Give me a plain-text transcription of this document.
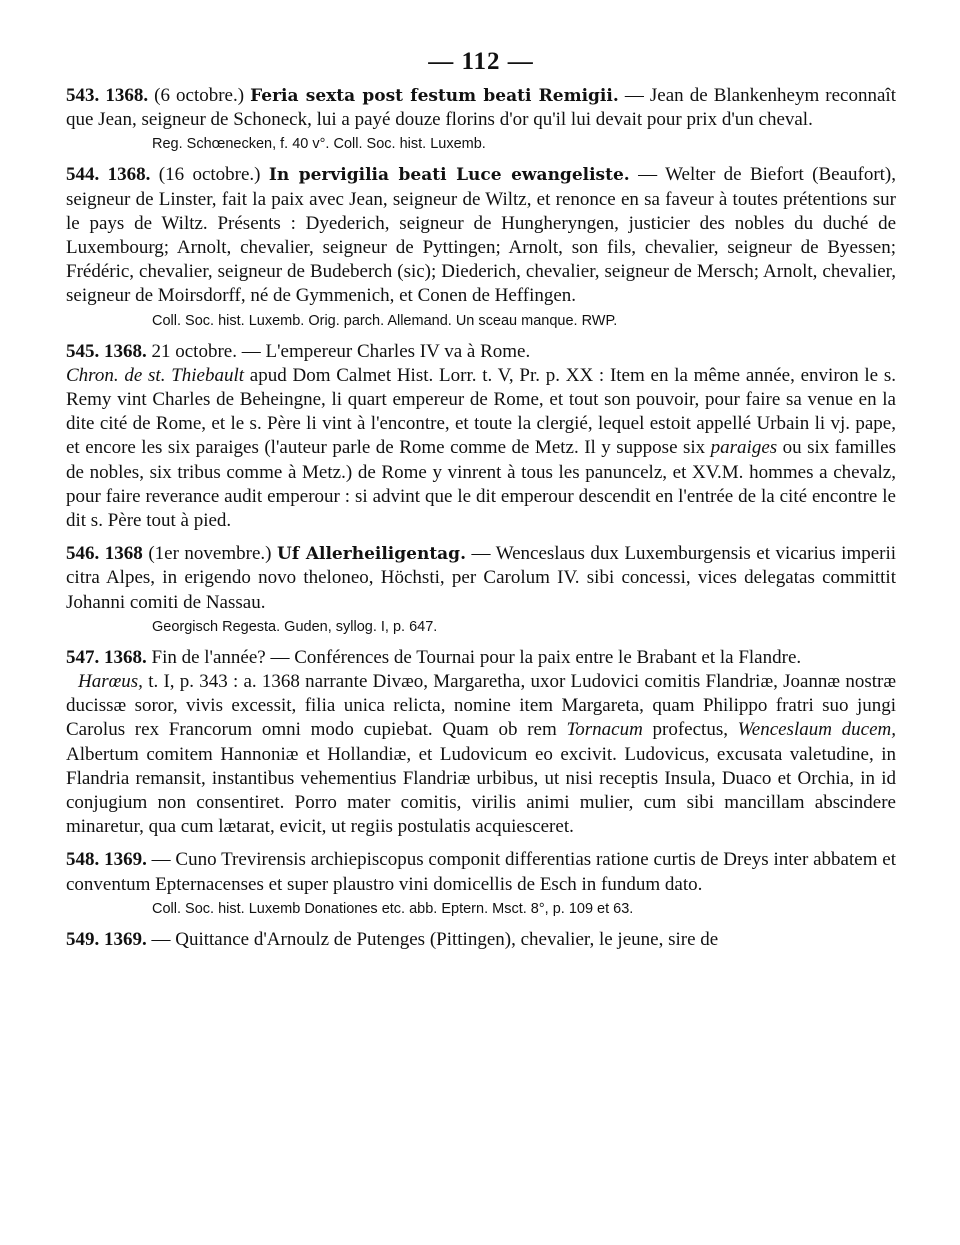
— 112 —

543. 1368. (6 octobre.) Feria sexta post festum beati Remigii. — Jean de Blankenheym reconnaît que Jean, seigneur de Schoneck, lui a payé douze florins d'or qu'il lui devait pour prix d'un cheval.

Reg. Schœnecken, f. 40 v°. Coll. Soc. hist. Luxemb.

544. 1368. (16 octobre.) In pervigilia beati Luce ewangeliste. — Welter de Biefort (Beaufort), seigneur de Linster, fait la paix avec Jean, seigneur de Wiltz, et renonce en sa faveur à toutes prétentions sur le pays de Wiltz. Présents : Dyederich, seigneur de Hungheryngen, justicier des nobles du duché de Luxembourg; Arnolt, chevalier, seigneur de Pyttingen; Arnolt, son fils, chevalier, seigneur de Byessen; Frédéric, chevalier, seigneur de Budeberch (sic); Diederich, chevalier, seigneur de Mersch; Arnolt, chevalier, seigneur de Moirsdorff, né de Gymmenich, et Conen de Heffingen.

Coll. Soc. hist. Luxemb. Orig. parch. Allemand. Un sceau manque. RWP.

545. 1368. 21 octobre. — L'empereur Charles IV va à Rome.

Chron. de st. Thiebault apud Dom Calmet Hist. Lorr. t. V, Pr. p. XX : Item en la même année, environ le s. Remy vint Charles de Beheingne, li quart empereur de Rome, et tout son pouvoir, pour faire sa venue en la dite cité de Rome, et le s. Père li vint à l'encontre, et toute la clergié, lequel estoit appellé Urbain li vj. pape, et encore les six paraiges (l'auteur parle de Rome comme de Metz. Il y suppose six paraiges ou six familles de nobles, six tribus comme à Metz.) de Rome y vinrent à tous les panuncelz, et XV.M. hommes a chevalz, pour faire reverance audit emperour : si advint que le dit emperour descendit en l'entrée de la cité encontre le dit s. Père tout à pied.

546. 1368 (1er novembre.) Uf Allerheiligentag. — Wenceslaus dux Luxemburgensis et vicarius imperii citra Alpes, in erigendo novo theloneo, Höchsti, per Carolum IV. sibi concessi, vices delegatas committit Johanni comiti de Nassau.

Georgisch Regesta. Guden, syllog. I, p. 647.

547. 1368. Fin de l'année? — Conférences de Tournai pour la paix entre le Brabant et la Flandre.

Harœus, t. I, p. 343 : a. 1368 narrante Divæo, Margaretha, uxor Ludovici comitis Flandriæ, Joannæ nostræ ducissæ soror, vivis excessit, filia unica relicta, nomine item Margareta, quam Philippo fratri suo jungi Carolus rex Francorum omni modo cupiebat. Quam ob rem Tornacum profectus, Wenceslaum ducem, Albertum comitem Hannoniæ et Hollandiæ, et Ludovicum eo excivit. Ludovicus, excusata valetudine, in Flandria remansit, instantibus vehementius Flandriæ urbibus, ut nisi receptis Insula, Duaco et Orchia, in id conjugium non consentiret. Porro mater comitis, virilis animi mulier, cum sibi mancillam abscindere minaretur, qua cum lætarat, evicit, ut regiis postulatis acquiesceret.

548. 1369. — Cuno Trevirensis archiepiscopus componit differentias ratione curtis de Dreys inter abbatem et conventum Epternacenses et super plaustro vini domicellis de Esch in fundum dato.

Coll. Soc. hist. Luxemb Donationes etc. abb. Eptern. Msct. 8°, p. 109 et 63.

549. 1369. — Quittance d'Arnoulz de Putenges (Pittingen), chevalier, le jeune, sire de
